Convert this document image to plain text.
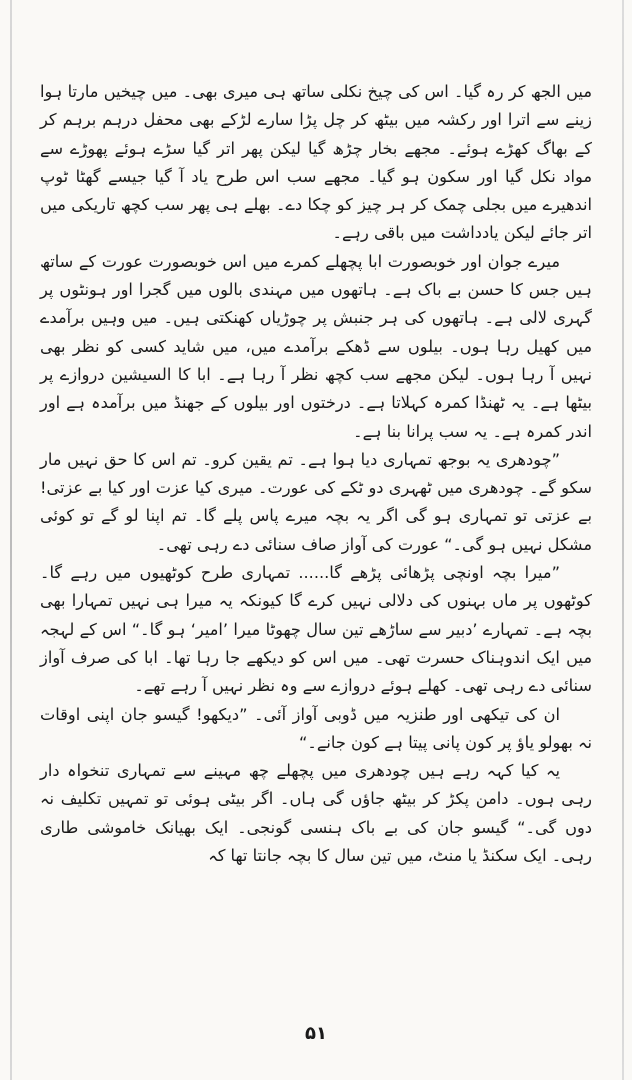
میں الجھ کر رہ گیا۔ اس کی چیخ نکلی ساتھ ہی میری بھی۔ میں چیخیں مارتا ہوا زینے سے اترا اور رکشہ میں بیٹھ کر چل پڑا سارے لڑکے بھی محفل درہم برہم کر کے بھاگ کھڑے ہوئے۔ مجھے بخار چڑھ گیا لیکن پھر اتر گیا سڑے ہوئے پھوڑے سے مواد نکل گیا اور سکون ہو گیا۔ مجھے سب اس طرح یاد آ گیا جیسے گھٹا ٹوپ اندھیرے میں بجلی چمک کر ہر چیز کو چکا دے۔ بھلے ہی پھر سب کچھ تاریکی میں اتر جائے لیکن یادداشت میں باقی رہے۔

میرے جوان اور خوبصورت ابا پچھلے کمرے میں اس خوبصورت عورت کے ساتھ ہیں جس کا حسن بے باک ہے۔ ہاتھوں میں مہندی بالوں میں گجرا اور ہونٹوں پر گہری لالی ہے۔ ہاتھوں کی ہر جنبش پر چوڑیاں کھنکتی ہیں۔ میں وہیں برآمدے میں کھیل رہا ہوں۔ بیلوں سے ڈھکے برآمدے میں، میں شاید کسی کو نظر بھی نہیں آ رہا ہوں۔ لیکن مجھے سب کچھ نظر آ رہا ہے۔ ابا کا السیشین دروازے پر بیٹھا ہے۔ یہ ٹھنڈا کمرہ کہلاتا ہے۔ درختوں اور بیلوں کے جھنڈ میں برآمدہ ہے اور اندر کمرہ ہے۔ یہ سب پرانا بنا ہے۔

”چودھری یہ بوجھ تمہاری دیا ہوا ہے۔ تم یقین کرو۔ تم اس کا حق نہیں مار سکو گے۔ چودھری میں ٹھہری دو ٹکے کی عورت۔ میری کیا عزت اور کیا بے عزتی! بے عزتی تو تمہاری ہو گی اگر یہ بچہ میرے پاس پلے گا۔ تم اپنا لو گے تو کوئی مشکل نہیں ہو گی۔“ عورت کی آواز صاف سنائی دے رہی تھی۔

”میرا بچہ اونچی پڑھائی پڑھے گا...... تمہاری طرح کوٹھیوں میں رہے گا۔ کوٹھوں پر ماں بہنوں کی دلالی نہیں کرے گا کیونکہ یہ میرا ہی نہیں تمہارا بھی بچہ ہے۔ تمہارے ’دبیر سے ساڑھے تین سال چھوٹا میرا ’امیر‘ ہو گا۔“ اس کے لہجہ میں ایک اندوہناک حسرت تھی۔ میں اس کو دیکھے جا رہا تھا۔ ابا کی صرف آواز سنائی دے رہی تھی۔ کھلے ہوئے دروازے سے وہ نظر نہیں آ رہے تھے۔

ان کی تیکھی اور طنزیہ میں ڈوبی آواز آئی۔ ”دیکھو! گیسو جان اپنی اوقات نہ بھولو یاؤ پر کون پانی پیتا ہے کون جانے۔“

یہ کیا کہہ رہے ہیں چودھری میں پچھلے چھ مہینے سے تمہاری تنخواہ دار رہی ہوں۔ دامن پکڑ کر بیٹھ جاؤں گی ہاں۔ اگر بیٹی ہوئی تو تمہیں تکلیف نہ دوں گی۔“ گیسو جان کی بے باک ہنسی گونجی۔ ایک بھیانک خاموشی طاری رہی۔ ایک سکنڈ یا منٹ، میں تین سال کا بچہ جانتا تھا کہ

۵۱
